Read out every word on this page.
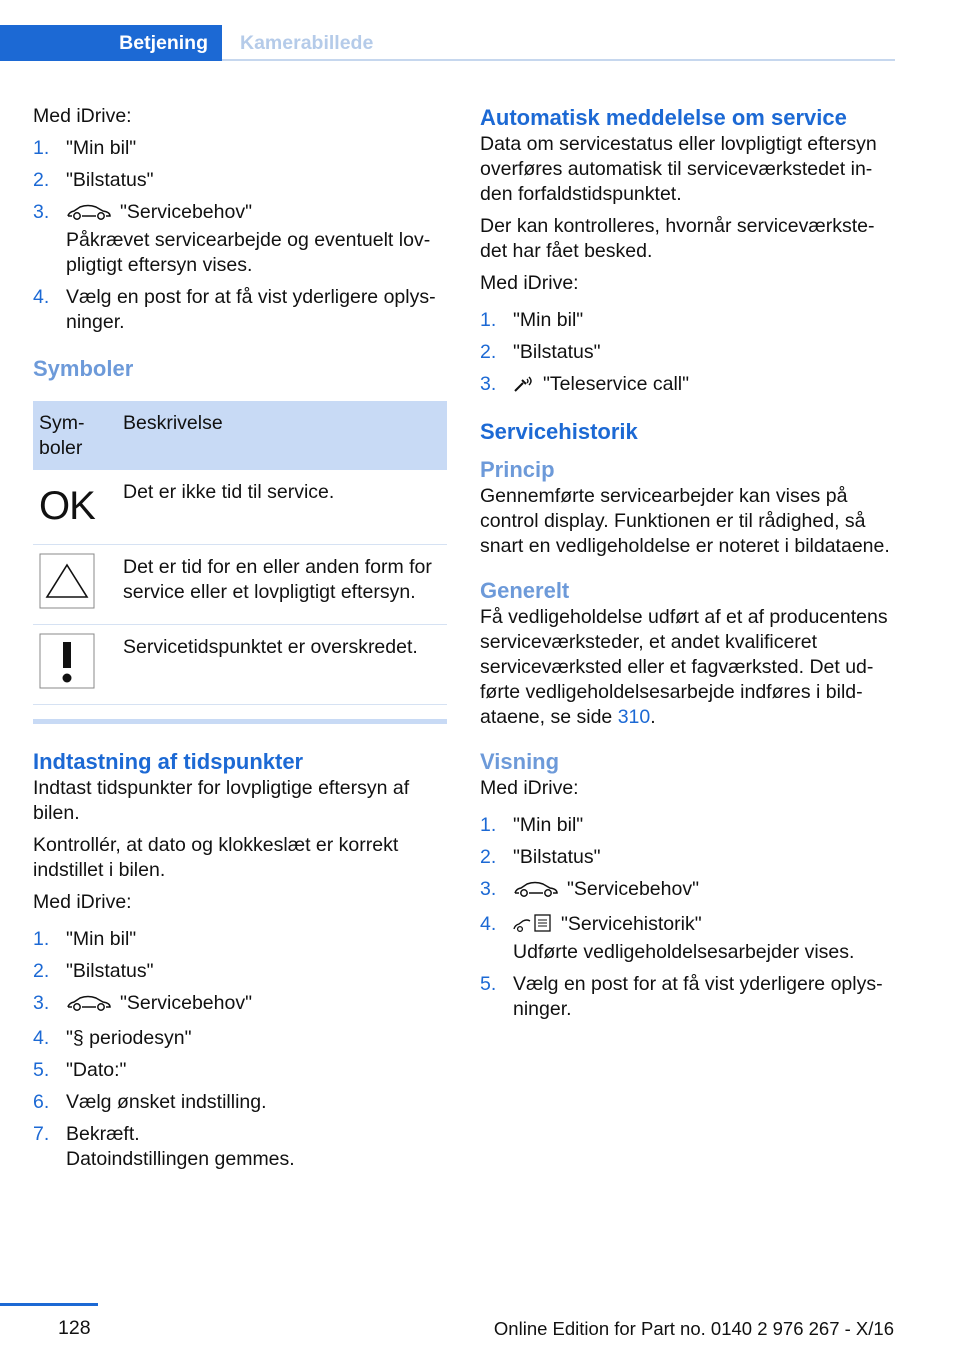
Betjening	Kamerabillede

Med iDrive:

1. "Min bil"
2. "Bilstatus"
3.	"Servicebehov"
Påkrævet servicearbejde og eventuelt lovpligtigt eftersyn vises.
4. Vælg en post for at få vist yderligere oplysninger.
Symboler
Symboler	Beskrivelse

OK	Det er ikke tid til service.

	Det er tid for en eller anden form for service eller et lovpligtigt eftersyn.

	Servicetidspunktet er overskredet.
Indtastning af tidspunkter

Indtast tidspunkter for lovpligtige eftersyn af bilen.

Kontrollér, at dato og klokkeslæt er korrekt indstillet i bilen.

Med iDrive:

1. "Min bil"
2. "Bilstatus"
3.	"Servicebehov"
4. "§ periodesyn"
5. "Dato:"
6. Vælg ønsket indstilling.
7. Bekræft.
Datoindstillingen gemmes.
Automatisk meddelelse om service

Data om servicestatus eller lovpligtigt eftersyn overføres automatisk til serviceværkstedet inden forfaldstidspunktet.

Der kan kontrolleres, hvornår serviceværkstedet har fået besked.

Med iDrive:

1. "Min bil"
2. "Bilstatus"
3. "Teleservice call"
Servicehistorik
Princip

Gennemførte servicearbejder kan vises på control display. Funktionen er til rådighed, så snart en vedligeholdelse er noteret i bildataene.

Generelt

Få vedligeholdelse udført af et af producentens serviceværksteder, et andet kvalificeret serviceværksted eller et fagværksted. Det udførte vedligeholdelsesarbejde indføres i bildataene, se side 310.

Visning

Med iDrive:

1. "Min bil"
2. "Bilstatus"
3.	"Servicebehov"
4.	"Servicehistorik"
Udførte vedligeholdelsesarbejder vises.
5. Vælg en post for at få vist yderligere oplysninger.
128	Online Edition for Part no. 0140 2 976 267 - X/16
